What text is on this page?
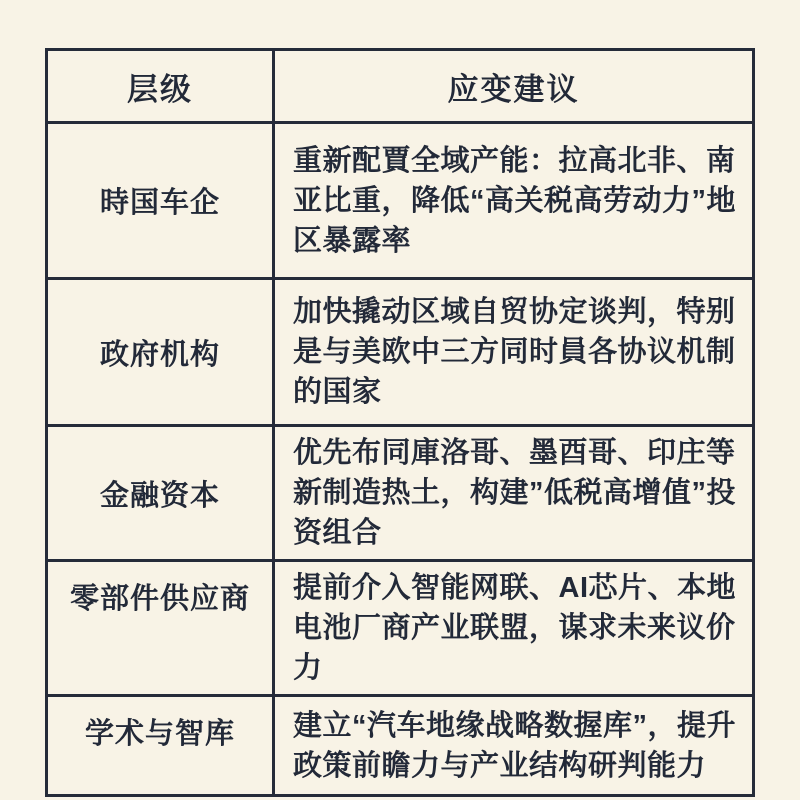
层级	应变建议
時国车企	重新配賈全域产能：拉高北非、南亚比重，降低“高关税高劳动力”地区暴露率
政府机构	加快撬动区域自贸协定谈判，特别是与美欧中三方同时員各协议机制的国家
金融资本	优先布同庫洛哥、墨酉哥、印庄等新制造热土，构建”低税高增值”投资组合
零部件供应商	提前介入智能网联、AI芯片、本地电池厂商产业联盟，谋求未来议价力
学术与智库	建立“汽车地缘战略数握库”，提升政策前瞻力与产业结构研判能力
